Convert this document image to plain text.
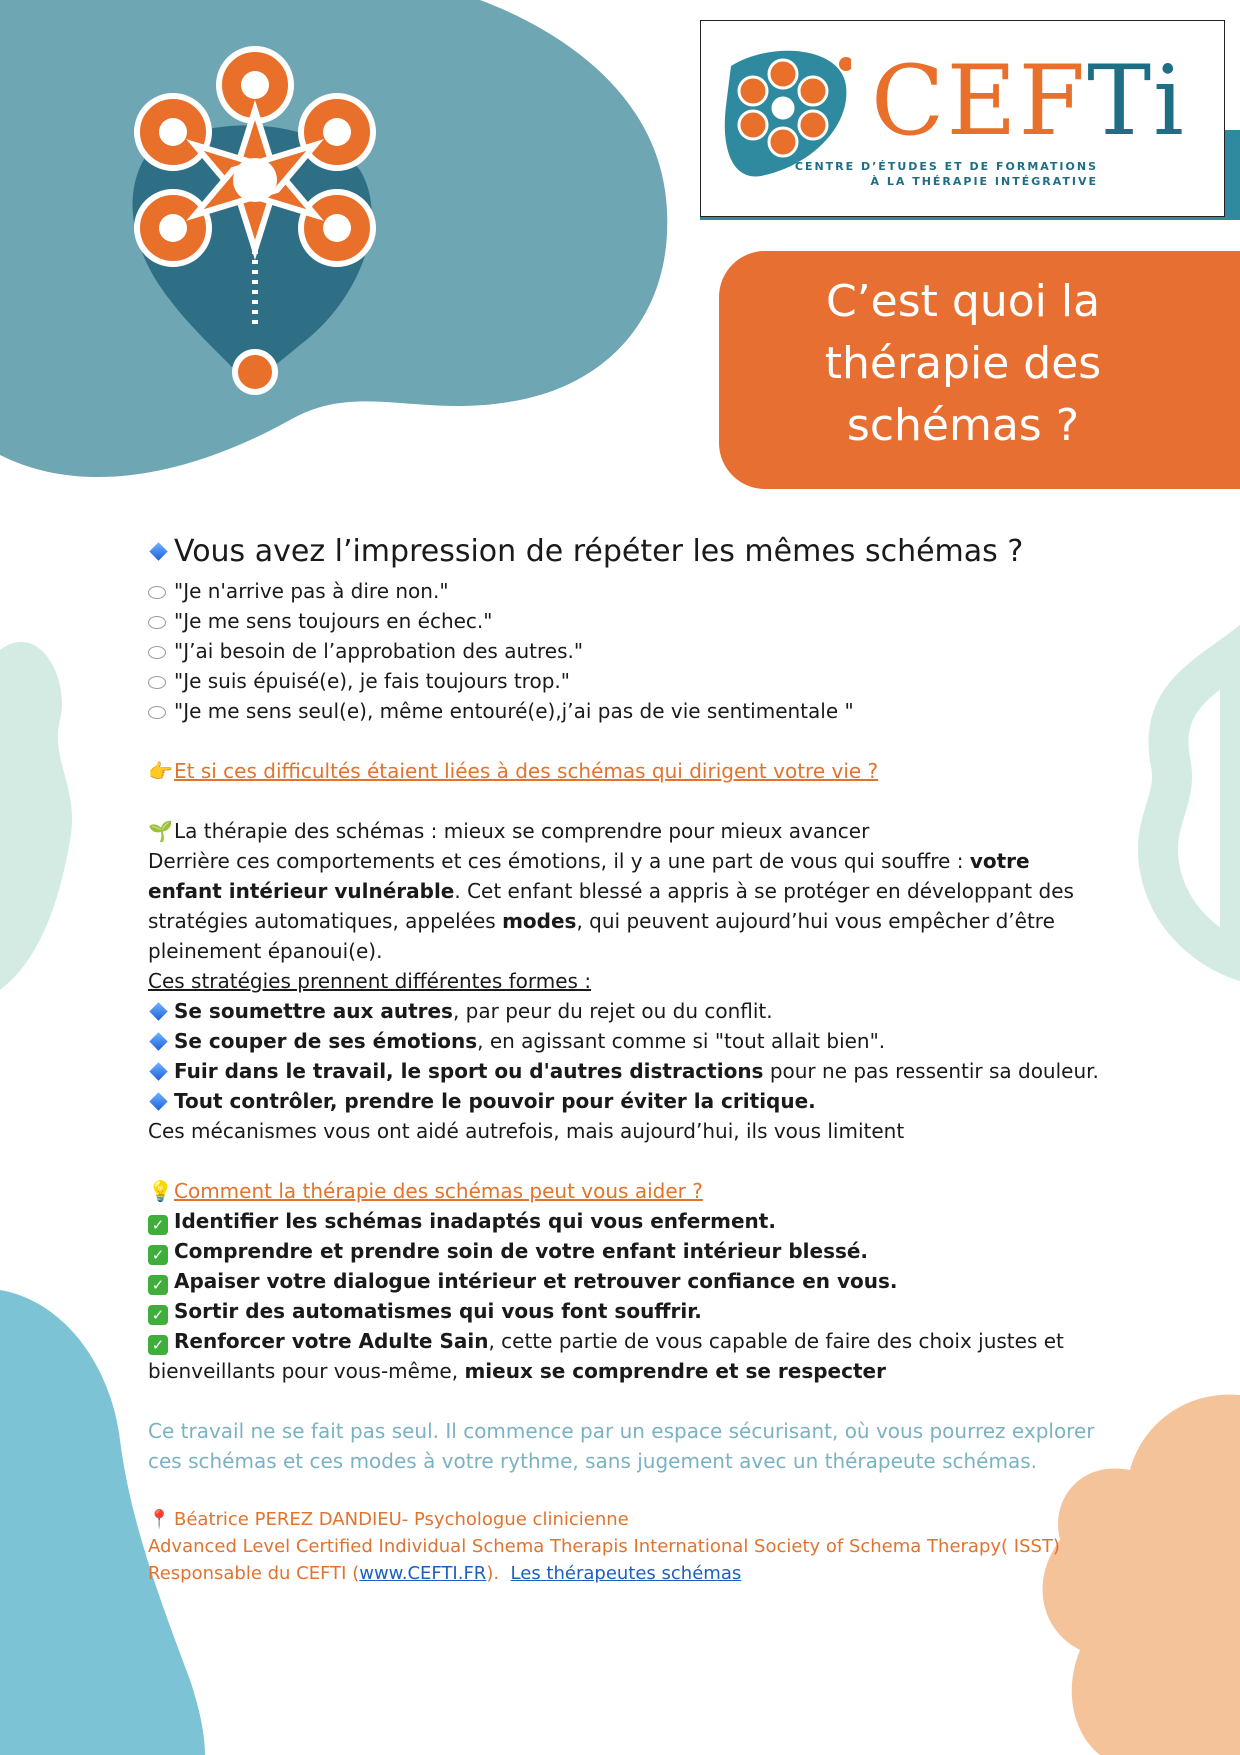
CEFTi
CENTRE D’ÉTUDES ET DE FORMATIONS
À LA THÉRAPIE INTÉGRATIVE
C’est quoi la
thérapie des
schémas ?
Vous avez l’impression de répéter les mêmes schémas ?
"Je n'arrive pas à dire non."
"Je me sens toujours en échec."
"J’ai besoin de l’approbation des autres."
"Je suis épuisé(e), je fais toujours trop."
"Je me sens seul(e), même entouré(e),j’ai pas de vie sentimentale "
👉Et si ces difficultés étaient liées à des schémas qui dirigent votre vie ?
🌱La thérapie des schémas : mieux se comprendre pour mieux avancer
Derrière ces comportements et ces émotions, il y a une part de vous qui souffre : votre enfant intérieur vulnérable. Cet enfant blessé a appris à se protéger en développant des stratégies automatiques, appelées modes, qui peuvent aujourd’hui vous empêcher d’être pleinement épanoui(e).
Ces stratégies prennent différentes formes :
Se soumettre aux autres, par peur du rejet ou du conflit.
Se couper de ses émotions, en agissant comme si "tout allait bien".
Fuir dans le travail, le sport ou d'autres distractions pour ne pas ressentir sa douleur.
Tout contrôler, prendre le pouvoir pour éviter la critique.
Ces mécanismes vous ont aidé autrefois, mais aujourd’hui, ils vous limitent
💡Comment la thérapie des schémas peut vous aider ?
✓ Identifier les schémas inadaptés qui vous enferment.
✓ Comprendre et prendre soin de votre enfant intérieur blessé.
✓ Apaiser votre dialogue intérieur et retrouver confiance en vous.
✓ Sortir des automatismes qui vous font souffrir.
✓ Renforcer votre Adulte Sain, cette partie de vous capable de faire des choix justes et bienveillants pour vous-même, mieux se comprendre et se respecter
Ce travail ne se fait pas seul. Il commence par un espace sécurisant, où vous pourrez explorer ces schémas et ces modes à votre rythme, sans jugement avec un thérapeute schémas.
📍 Béatrice PEREZ DANDIEU- Psychologue clinicienne
Advanced Level Certified Individual Schema Therapis International Society of Schema Therapy( ISST)
Responsable du CEFTI (www.CEFTI.FR). Les thérapeutes schémas
